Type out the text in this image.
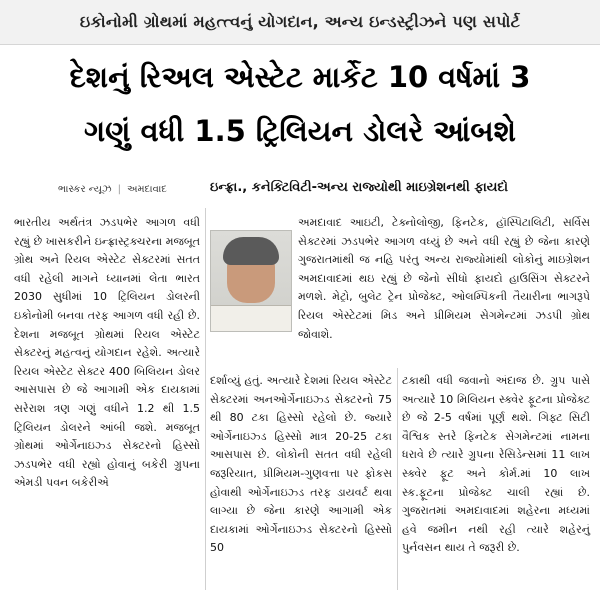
ઇકોનોમી ગ્રોથમાં મહત્ત્વનું યોગદાન, અન્ય ઇન્ડસ્ટ્રીઝને પણ સપોર્ટ
દેશનું રિઅલ એસ્ટેટ માર્કેટ 10 વર્ષમાં 3
ગણું વધી 1.5 ટ્રિલિયન ડોલરે આંબશે
ભાસ્કર ન્યૂઝ | અમદાવાદ	ઇન્ફ્રા., કનેક્ટિવિટી-અન્ય રાજ્યોથી માઇગ્રેશનથી ફાયદો

ભારતીય અર્થતંત્ર ઝડપભેર આગળ વધી રહ્યું છે ખાસકરીને ઇન્ફ્રાસ્ટ્રક્ચરના મજબૂત ગ્રોથ અને રિયલ એસ્ટેટ સેક્ટરમાં સતત વધી રહેલી માગને ધ્યાનમાં લેતા ભારત 2030 સુધીમાં 10 ટ્રિલિયન ડોલરની ઇકોનોમી બનવા તરફ આગળ વધી રહી છે. દેશના મજબૂત ગ્રોથમાં રિયલ એસ્ટેટ સેક્ટરનું મહત્વનું યોગદાન રહેશે. અત્યારે રિયલ એસ્ટેટ સેક્ટર 400 બિલિયન ડોલર આસપાસ છે જે આગામી એક દાયકામાં સરેરાશ ત્રણ ગણું વધીને 1.2 થી 1.5 ટ્રિલિયન ડોલરને આંબી જશે. મજબૂત ગ્રોથમાં ઓર્ગેનાઇઝ્ડ સેક્ટરનો હિસ્સો ઝડપભેર વધી રહ્યો હોવાનું બકેરી ગ્રુપના એમડી પવન બકેરીએ

અમદાવાદ આઇટી, ટેક્નોલોજી, ફિનટેક, હૉસ્પિટાલિટી, સર્વિસ સેક્ટરમાં ઝડપભેર આગળ વધ્યું છે અને વધી રહ્યું છે જેના કારણે ગુજરાતમાંથી જ નહિ પરંતુ અન્ય રાજ્યોમાંથી લોકોનું માઇગ્રેશન અમદાવાદમાં થઇ રહ્યું છે જેનો સીધો ફાયદો હાઉસિંગ સેક્ટરને મળશે. મેટ્રો, બુલેટ ટ્રેન પ્રોજેક્ટ, ઓલમ્પિકની તૈયારીના ભાગરૂપે રિયલ એસ્ટેટમાં મિડ અને પ્રીમિયમ સેગમેન્ટમાં ઝડપી ગ્રોથ જોવાશે.

દર્શાવ્યું હતું. અત્યારે દેશમાં રિયલ એસ્ટેટ સેક્ટરમાં અનઓર્ગેનાઇઝ્ડ સેક્ટરનો 75 થી 80 ટકા હિસ્સો રહેલો છે. જ્યારે ઓર્ગેનાઇઝ્ડ હિસ્સો માત્ર 20-25 ટકા આસપાસ છે. લોકોની સતત વધી રહેલી જરૂરિયાત, પ્રીમિયમ-ગુણવત્તા પર ફોકસ હોવાથી ઓર્ગેનાઇઝ્ડ તરફ ડાયવર્ટ થવા લાગ્યા છે જેના કારણે આગામી એક દાયકામાં ઓર્ગેનાઇઝ્ડ સેક્ટરનો હિસ્સો 50

ટકાથી વધી જવાનો અંદાજ છે. ગ્રુપ પાસે અત્યારે 10 મિલિયન સ્ક્વેર ફૂટના પ્રોજેક્ટ છે જે 2-5 વર્ષમાં પૂર્ણ થશે. ગિફ્ટ સિટી વૈશ્વિક સ્તરે ફિનટેક સેગમેન્ટમાં નામના ધરાવે છે ત્યારે ગ્રુપના રેસિડેન્સમાં 11 લાખ સ્ક્વેર ફૂટ અને કોર્મ.માં 10 લાખ સ્ક.ફૂટના પ્રોજેક્ટ ચાલી રહ્યાં છે. ગુજરાતમાં અમદાવાદમાં શહેરના મધ્યમાં હવે જમીન નથી રહી ત્યારે શહેરનું પુર્નવસન થાય તે જરૂરી છે.
